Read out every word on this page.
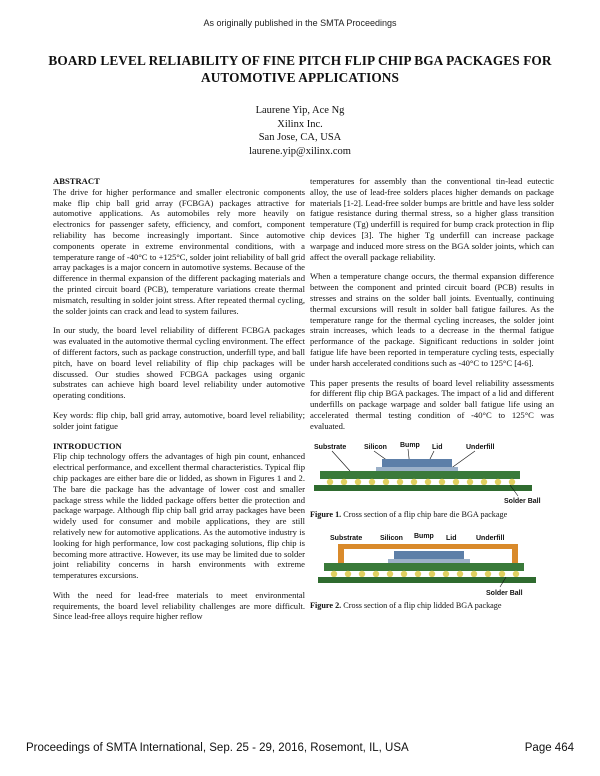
As originally published in the SMTA Proceedings
BOARD LEVEL RELIABILITY OF FINE PITCH FLIP CHIP BGA PACKAGES FOR AUTOMOTIVE APPLICATIONS
Laurene Yip, Ace Ng
Xilinx Inc.
San Jose, CA, USA
laurene.yip@xilinx.com
ABSTRACT

The drive for higher performance and smaller electronic components make flip chip ball grid array (FCBGA) packages attractive for automotive applications. As automobiles rely more heavily on electronics for passenger safety, efficiency, and comfort, component reliability has become increasingly important. Since automotive components operate in extreme environmental conditions, with a temperature range of -40°C to +125°C, solder joint reliability of ball grid array packages is a major concern in automotive systems. Because of the difference in thermal expansion of the different packaging materials and the printed circuit board (PCB), temperature variations create thermal mismatch, resulting in solder joint stress. After repeated thermal cycling, the solder joints can crack and lead to system failures.

In our study, the board level reliability of different FCBGA packages was evaluated in the automotive thermal cycling environment. The effect of different factors, such as package construction, underfill type, and ball pitch, have on board level reliability of flip chip packages will be discussed. Our studies showed FCBGA packages using organic substrates can achieve high board level reliability under automotive operating conditions.

Key words: flip chip, ball grid array, automotive, board level reliability; solder joint fatigue

INTRODUCTION

Flip chip technology offers the advantages of high pin count, enhanced electrical performance, and excellent thermal characteristics. Typical flip chip packages are either bare die or lidded, as shown in Figures 1 and 2. The bare die package has the advantage of lower cost and smaller package stress while the lidded package offers better die protection and package warpage. Although flip chip ball grid array packages have been widely used for consumer and mobile applications, they are still relatively new for automotive applications. As the automotive industry is looking for high performance, low cost packaging solutions, flip chip is becoming more attractive. However, its use may be limited due to solder joint reliability concerns in harsh environments with extreme temperatures excursions.

With the need for lead-free materials to meet environmental requirements, the board level reliability challenges are more difficult. Since lead-free alloys require higher reflow

temperatures for assembly than the conventional tin-lead eutectic alloy, the use of lead-free solders places higher demands on package materials [1-2]. Lead-free solder bumps are brittle and have less solder fatigue resistance during thermal stress, so a higher glass transition temperature (Tg) underfill is required for bump crack protection in flip chip devices [3]. The higher Tg underfill can increase package warpage and induced more stress on the BGA solder joints, which can affect the overall package reliability.

When a temperature change occurs, the thermal expansion difference between the component and printed circuit board (PCB) results in stresses and strains on the solder ball joints. Eventually, continuing thermal excursions will result in solder ball fatigue failures. As the temperature range for the thermal cycling increases, the solder joint strain increases, which leads to a decrease in the thermal fatigue performance of the package. Significant reductions in solder joint fatigue life have been reported in temperature cycling tests, especially under harsh accelerated conditions such as -40°C to 125°C [4-6].

This paper presents the results of board level reliability assessments for different flip chip BGA packages. The impact of a lid and different underfills on package warpage and solder ball fatigue life using an accelerated thermal testing condition of -40°C to 125°C was evaluated.

Substrate	Silicon Bump Lid	Underfill
Solder Ball
Figure 1. Cross section of a flip chip bare die BGA package
Substrate	Silicon Bump Lid	Underfill
Solder Ball
Figure 2. Cross section of a flip chip lidded BGA package
Proceedings of SMTA International, Sep. 25 - 29, 2016, Rosemont, IL, USA	Page 464
